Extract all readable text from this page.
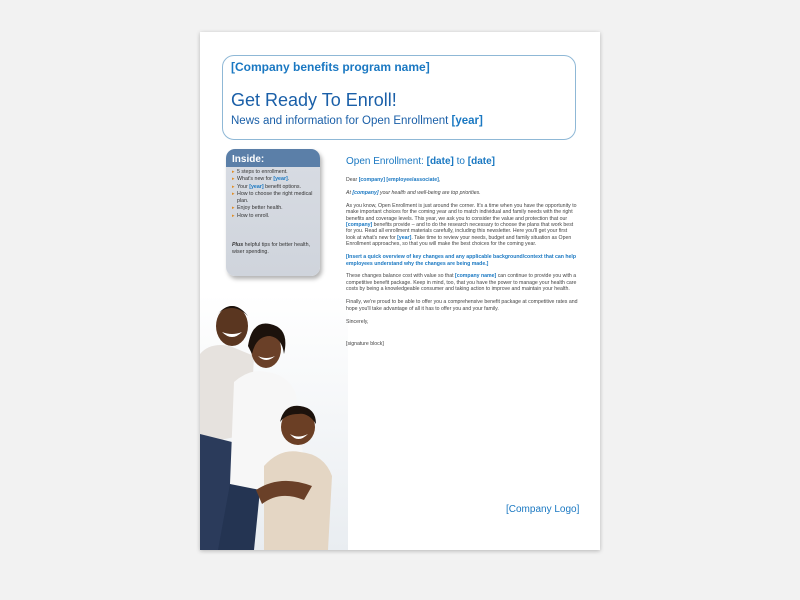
[Company benefits program name]
Get Ready To Enroll!
News and information for Open Enrollment [year]
Inside:
▸ 5 steps to enrollment.
▸ What's new for [year].
▸ Your [year] benefit options.
▸ How to choose the right medical plan.
▸ Enjoy better health.
▸ How to enroll.
Plus helpful tips for better health, wiser spending.
Open Enrollment: [date] to [date]

Dear [company] [employee/associate],

At [company] your health and well-being are top priorities.

As you know, Open Enrollment is just around the corner. It's a time when you have the opportunity to make important choices for the coming year and to match individual and family needs with the right benefits and coverage levels. This year, we ask you to consider the value and protection that our [company] benefits provide – and to do the research necessary to choose the plans that work best for you. Read all enrollment materials carefully, including this newsletter. Here you'll get your first look at what's new for [year]. Take time to review your needs, budget and family situation as Open Enrollment approaches, so that you will make the best choices for the coming year.

[Insert a quick overview of key changes and any applicable background/context that can help employees understand why the changes are being made.]

These changes balance cost with value so that [company name] can continue to provide you with a competitive benefit package. Keep in mind, too, that you have the power to manage your health care costs by being a knowledgeable consumer and taking action to improve and maintain your health.

Finally, we're proud to be able to offer you a comprehensive benefit package at competitive rates and hope you'll take advantage of all it has to offer you and your family.

Sincerely,

[signature block]

[Company Logo]
